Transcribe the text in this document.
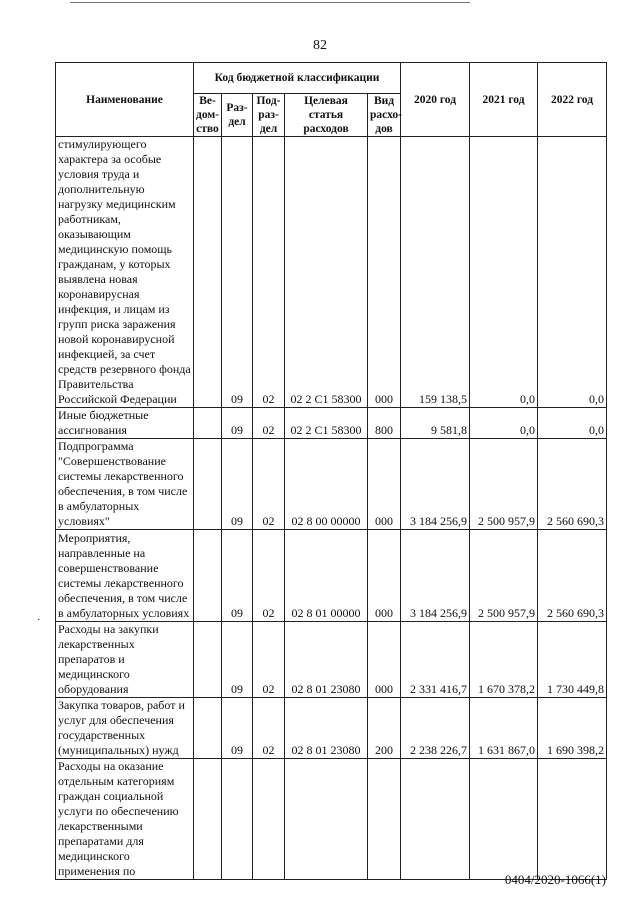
82
Наименование	Код бюджетной классификации					2020 год	2021 год	2022 год
	Ве-дом-ство	Раз-дел	Под-раз-дел	Целевая статья расходов	Вид расхо-дов			
стимулирующего характера за особые условия труда и дополнительную нагрузку медицинским работникам, оказывающим медицинскую помощь гражданам, у которых выявлена новая коронавирусная инфекция, и лицам из групп риска заражения новой коронавирусной инфекцией, за счет средств резервного фонда Правительства Российской Федерации		09	02	02 2 С1 58300	000	159 138,5	0,0	0,0
Иные бюджетные ассигнования		09	02	02 2 С1 58300	800	9 581,8	0,0	0,0
Подпрограмма "Совершенствование системы лекарственного обеспечения, в том числе в амбулаторных условиях"		09	02	02 8 00 00000	000	3 184 256,9	2 500 957,9	2 560 690,3
Мероприятия, направленные на совершенствование системы лекарственного обеспечения, в том числе в амбулаторных условиях		09	02	02 8 01 00000	000	3 184 256,9	2 500 957,9	2 560 690,3
Расходы на закупки лекарственных препаратов и медицинского оборудования		09	02	02 8 01 23080	000	2 331 416,7	1 670 378,2	1 730 449,8
Закупка товаров, работ и услуг для обеспечения государственных (муниципальных) нужд		09	02	02 8 01 23080	200	2 238 226,7	1 631 867,0	1 690 398,2
Расходы на оказание отдельным категориям граждан социальной услуги по обеспечению лекарственными препаратами для медицинского применения по								
·
0404/2020-1066(1)
